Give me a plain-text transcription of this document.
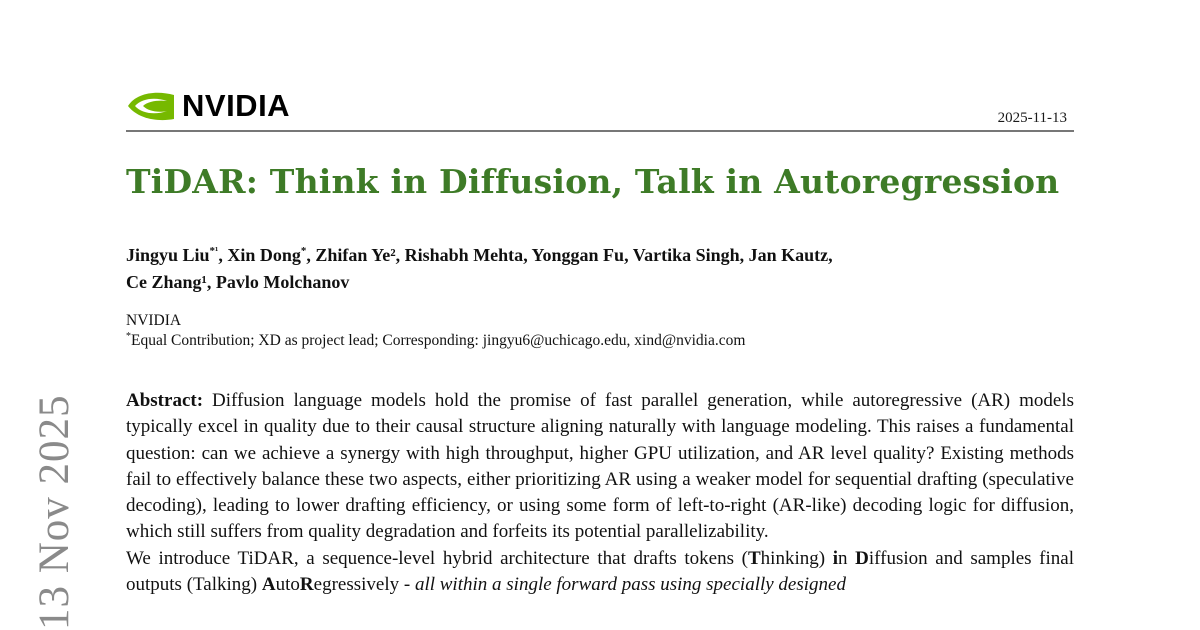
NVIDIA	2025-11-13
TiDAR: Think in Diffusion, Talk in Autoregression
Jingyu Liu$^{*^1}$, Xin Dong*, Zhifan Ye², Rishabh Mehta, Yonggan Fu, Vartika Singh, Jan Kautz,
Ce Zhang¹, Pavlo Molchanov
NVIDIA
*Equal Contribution; XD as project lead; Corresponding: jingyu6@uchicago.edu, xind@nvidia.com

Abstract: Diffusion language models hold the promise of fast parallel generation, while autoregressive (AR) models typically excel in quality due to their causal structure aligning naturally with language modeling. This raises a fundamental question: can we achieve a synergy with high throughput, higher GPU utilization, and AR level quality? Existing methods fail to effectively balance these two aspects, either prioritizing AR using a weaker model for sequential drafting (speculative decoding), leading to lower drafting efficiency, or using some form of left-to-right (AR-like) decoding logic for diffusion, which still suffers from quality degradation and forfeits its potential parallelizability.

We introduce TiDAR, a sequence-level hybrid architecture that drafts tokens (Thinking) in Diffusion and samples final outputs (Talking) AutoRegressively - all within a single forward pass using specially designed

13 Nov 2025
